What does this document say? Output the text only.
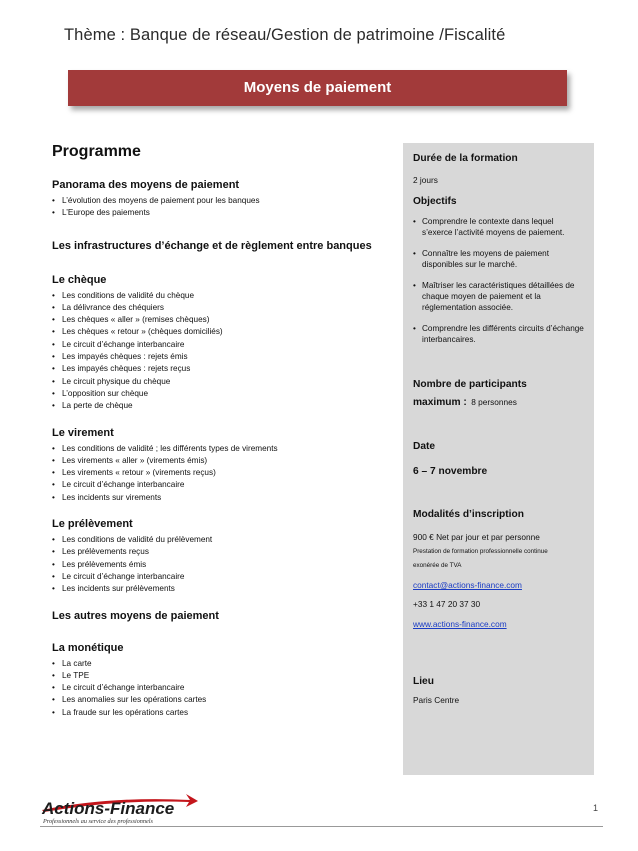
Thème : Banque de réseau/Gestion de patrimoine /Fiscalité
Moyens de paiement
Programme
Panorama des moyens de paiement
• L’évolution des moyens de paiement pour les banques
• L’Europe des paiements
Les infrastructures d’échange et de règlement entre banques
Le chèque
• Les conditions de validité du chèque
• La délivrance des chéquiers
• Les chèques « aller » (remises chèques)
• Les chèques « retour » (chèques domiciliés)
• Le circuit d’échange interbancaire
• Les impayés chèques : rejets émis
• Les impayés chèques : rejets reçus
• Le circuit physique du chèque
• L’opposition sur chèque
• La perte de chèque
Le virement
• Les conditions de validité ; les différents types de virements
• Les virements « aller » (virements émis)
• Les virements « retour » (virements reçus)
• Le circuit d’échange interbancaire
• Les incidents sur virements
Le prélèvement
• Les conditions de validité du prélèvement
• Les prélèvements reçus
• Les prélèvements émis
• Le circuit d’échange interbancaire
• Les incidents sur prélèvements
Les autres moyens de paiement
La monétique
• La carte
• Le TPE
• Le circuit d’échange interbancaire
• Les anomalies sur les opérations cartes
• La fraude sur les opérations cartes
Durée de la formation
2 jours
Objectifs
• Comprendre le contexte dans lequel s’exerce l’activité moyens de paiement.
• Connaître les moyens de paiement disponibles sur le marché.
• Maîtriser les caractéristiques détaillées de chaque moyen de paiement et la réglementation associée.
• Comprendre les différents circuits d’échange interbancaires.
Nombre de participants
maximum : 8 personnes
Date
6 – 7 novembre
Modalités d’inscription
900 € Net par jour et par personne
Prestation de formation professionnelle continue
exonérée de TVA
contact@actions-finance.com
+33 1 47 20 37 30
www.actions-finance.com
Lieu
Paris Centre
Actions-Finance
Professionnels au service des professionnels
1
